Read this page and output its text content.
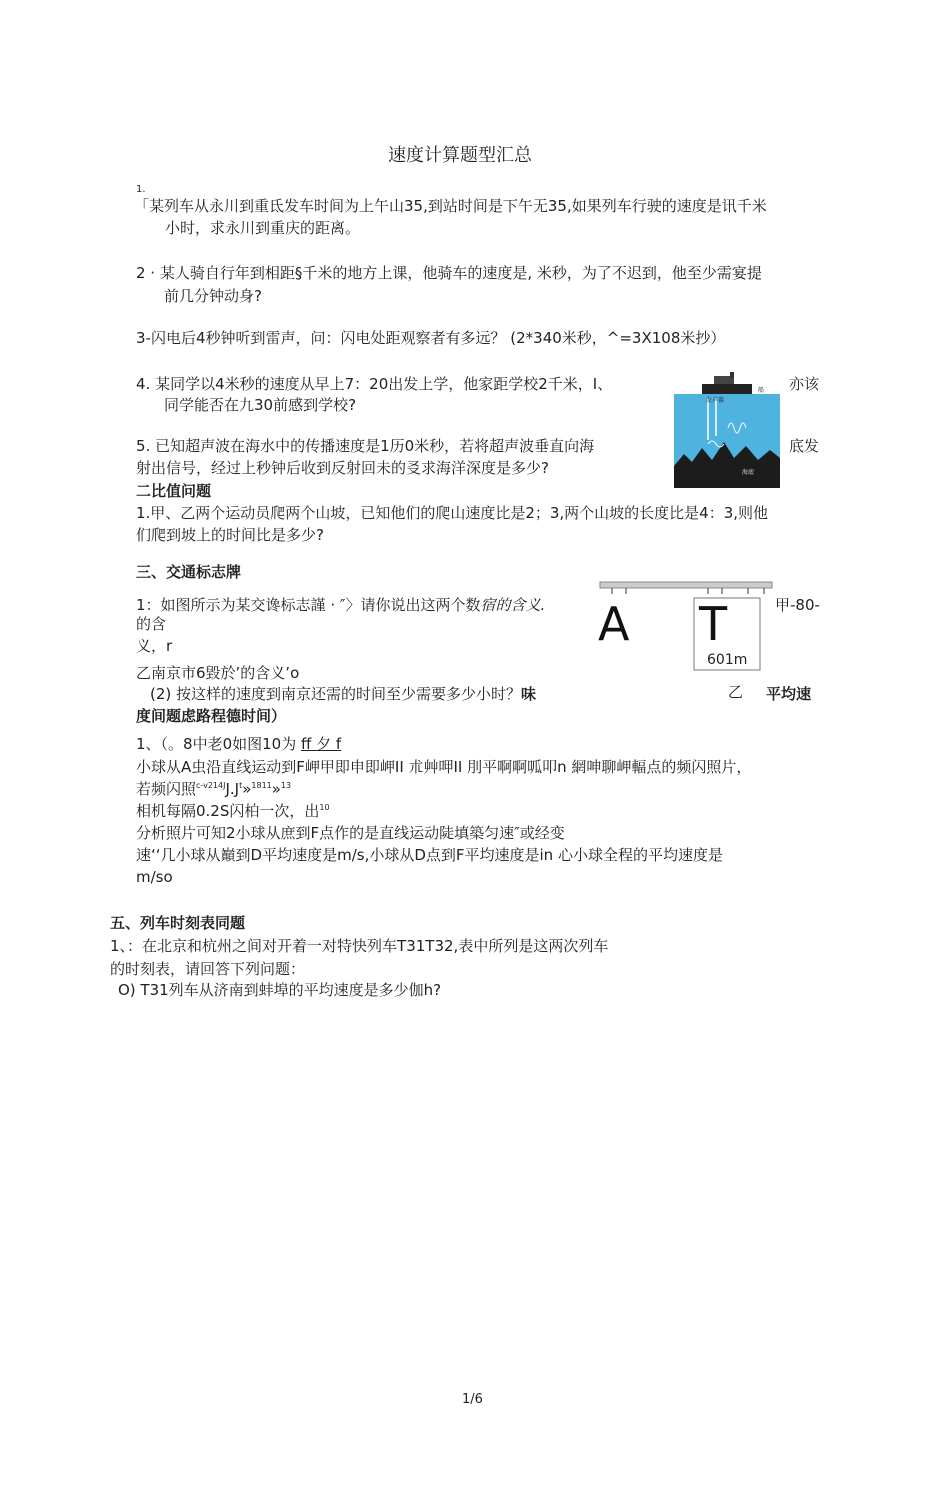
速度计算题型汇总
1.
「某列车从永川到重氐发车时间为上午山35,到站时间是下午无35,如果列车行驶的速度是讯千米
小时，求永川到重庆的距离。
2 · 某人骑自行年到相距§千米的地方上课，他骑车的速度是, 米秒，为了不迟到，他至少需宴提
前几分钟动身?
3-闪电后4秒钟听到雷声，问：闪电处距观察者有多远？ (2*340米秒，^=3X108米抄）
4. 某同学以4米秒的速度从早上7：20出发上学，他家距学校2千米，I、	亦该
同学能否在九30前感到学校?	发声器
船
海底
5. 已知超声波在海水中的传播速度是1历0米秒，若将超声波垂直向海	底发
射出信号，经过上秒钟后收到反射回未的㕛求海洋深度是多少?
二比值问题
1.甲、乙两个运动员爬两个山坡，已知他们的爬山速度比是2；3,两个山坡的长度比是4：3,则他
们爬到坡上的时间比是多少?
三、交通标志牌
1：如图所示为某交谗标志謹 · ″〉请你说出这两个数宿的含义.
的含
义，r
乙南京市6毀於’的含义’o
(2) 按这样的速度到南京还需的时间至少需要多少小时？味
A T
601m
甲-80-
乙 平均速
度间题虑路程德时间）
1、（。8中老0如图10为 ff 夕 f
小球从A虫沿直线运动到F岬甲即申即岬II 朮艸呷II 刖平啊啊呱叩n 網呻聊岬輻点的频闪照片，
若频闪照$^{c-v214J}J.J^t»^{1811}»^{13}$
相机每隔0.2S闪柏一次，出$^{10}$
分析照片可知2小球从庶到F点作的是直线运动陡填築匀速″或经变
速‘‘几小球从巔到D平均速度是m/s,小球从D点到F平均速度是in 心小球全程的平均速度是
m/so
五、列车时刻表同题
1、：在北京和杭州之间对开着一对特快列车T31T32,表中所列是这两次列车
的时刻表，请回答下列问题：
O) T31列车从济南到蚌埠的平均速度是多少伽h?
1/6
